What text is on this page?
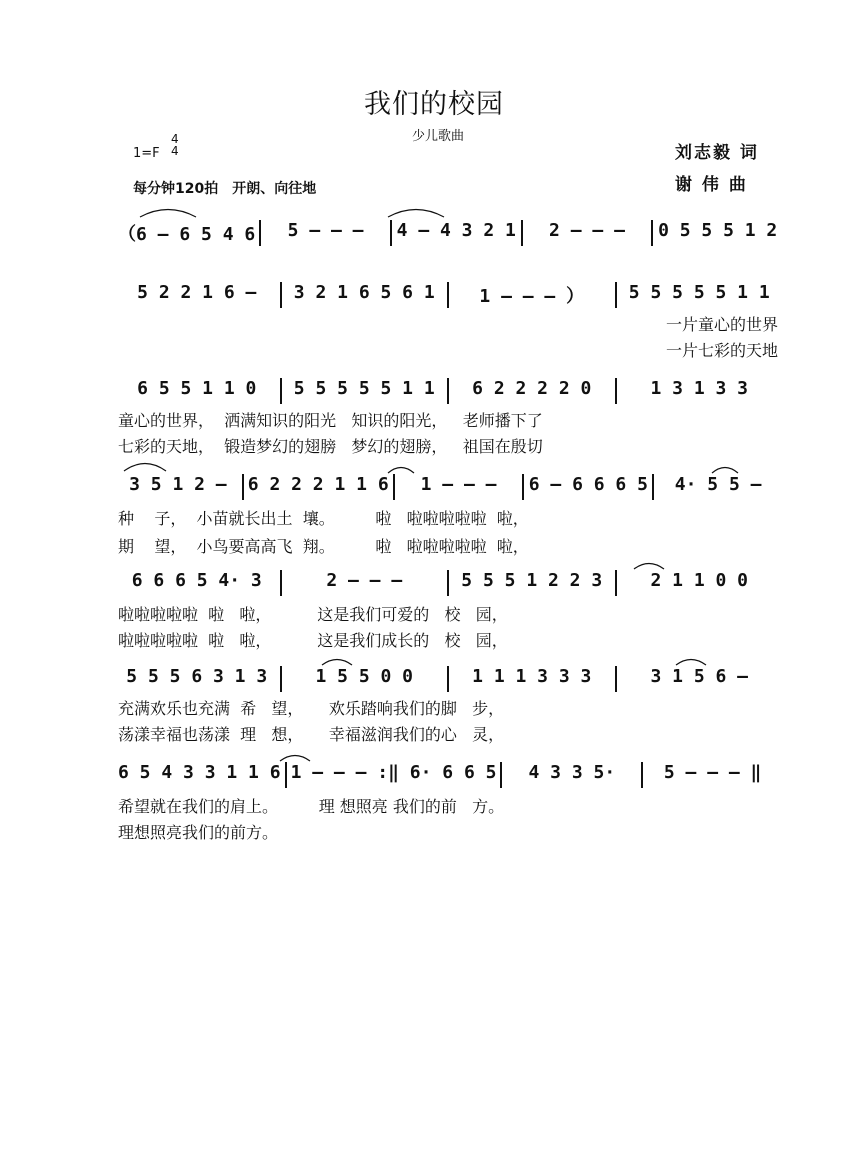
我们的校园
少儿歌曲
1=F
4
4
每分钟120拍　开朗、向往地
刘志毅 词
谢 伟 曲
（6 – 6 5 4 6	5 – – –	4 – 4 3 2 1	2 – – –	0 5 5 5 1 2
5 2 2 1 6 –	3 2 1 6 5 6 1	1 – – – ）	5 5 5 5 5 1 1
一片童心的世界
一片七彩的天地
6 5 5 1 1 0	5 5 5 5 5 1 1	6 2 2 2 2 0	1 3 1 3 3
童心的世界，  洒满知识的阳光   知识的阳光，   老师播下了
七彩的天地，  锻造梦幻的翅膀   梦幻的翅膀，   祖国在殷切
3 5 1 2 –	6 2 2 2 1 1 6	1 – – –	6 – 6 6 6 5	4· 5 5 –
种    子，  小苗就长出土  壤。        啦   啦啦啦啦啦  啦，
期    望，  小鸟要高高飞  翔。        啦   啦啦啦啦啦  啦，
6 6 6 5 4· 3	2 – – –	5 5 5 1 2 2 3	2 1 1 0 0
啦啦啦啦啦  啦   啦，         这是我们可爱的   校   园，
啦啦啦啦啦  啦   啦，         这是我们成长的   校   园，
5 5 5 6 3 1 3	1 5 5 0 0	1 1 1 3 3 3	3 1 5 6 –
充满欢乐也充满  希   望，     欢乐踏响我们的脚   步，
荡漾幸福也荡漾  理   想，     幸福滋润我们的心   灵，
6 5 4 3 3 1 1 6 1 – – – :‖ 6· 6 6 5	4 3 3 5·	5 – – – ‖
希望就在我们的肩上。        理 想照亮 我们的前   方。
理想照亮我们的前方。
